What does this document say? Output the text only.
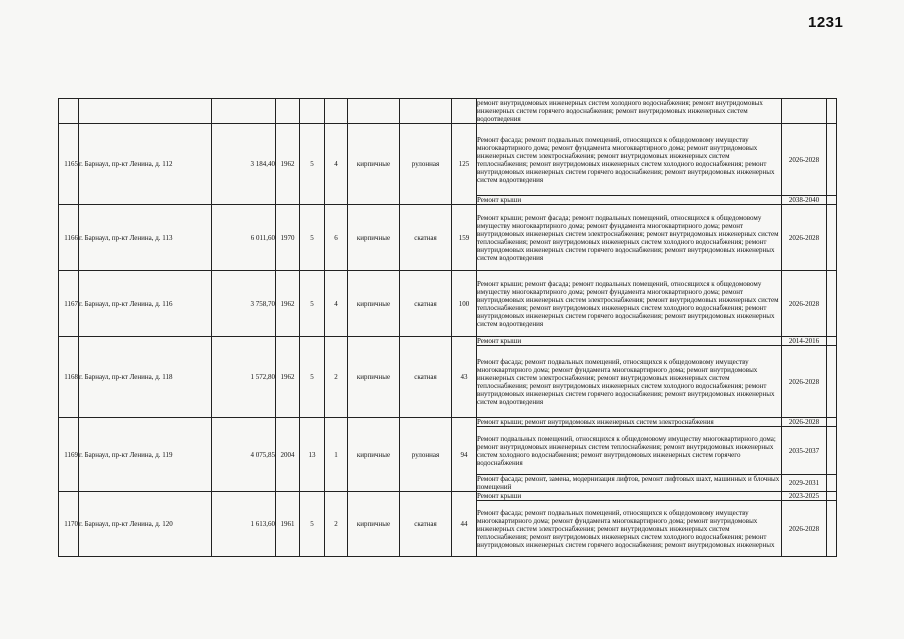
1231
									ремонт внутридомовых инженерных систем холодного водоснабжения; ремонт внутридомовых инженерных систем горячего водоснабжения; ремонт внутридомовых инженерных систем водоотведения		
1165	г. Барнаул, пр-кт Ленина, д. 112	3 184,40	1962	5	4	кирпичные	рулонная	125	Ремонт фасада; ремонт подвальных помещений, относящихся к общедомовому имуществу многоквартирного дома; ремонт фундамента многоквартирного дома; ремонт внутридомовых инженерных систем электроснабжения; ремонт внутридомовых инженерных систем теплоснабжения; ремонт внутридомовых инженерных систем холодного водоснабжения; ремонт внутридомовых инженерных систем горячего водоснабжения; ремонт внутридомовых инженерных систем водоотведения	2026-2028	
									Ремонт крыши	2038-2040	
1166	г. Барнаул, пр-кт Ленина, д. 113	6 011,60	1970	5	6	кирпичные	скатная	159	Ремонт крыши; ремонт фасада; ремонт подвальных помещений, относящихся к общедомовому имуществу многоквартирного дома; ремонт фундамента многоквартирного дома; ремонт внутридомовых инженерных систем электроснабжения; ремонт внутридомовых инженерных систем теплоснабжения; ремонт внутридомовых инженерных систем холодного водоснабжения; ремонт внутридомовых инженерных систем горячего водоснабжения; ремонт внутридомовых инженерных систем водоотведения	2026-2028	
1167	г. Барнаул, пр-кт Ленина, д. 116	3 758,70	1962	5	4	кирпичные	скатная	100	Ремонт крыши; ремонт фасада; ремонт подвальных помещений, относящихся к общедомовому имуществу многоквартирного дома; ремонт фундамента многоквартирного дома; ремонт внутридомовых инженерных систем электроснабжения; ремонт внутридомовых инженерных систем теплоснабжения; ремонт внутридомовых инженерных систем холодного водоснабжения; ремонт внутридомовых инженерных систем горячего водоснабжения; ремонт внутридомовых инженерных систем водоотведения	2026-2028	
1168	г. Барнаул, пр-кт Ленина, д. 118	1 572,80	1962	5	2	кирпичные	скатная	43	Ремонт крыши	2014-2016	
									Ремонт фасада; ремонт подвальных помещений, относящихся к общедомовому имуществу многоквартирного дома; ремонт фундамента многоквартирного дома; ремонт внутридомовых инженерных систем электроснабжения; ремонт внутридомовых инженерных систем теплоснабжения; ремонт внутридомовых инженерных систем холодного водоснабжения; ремонт внутридомовых инженерных систем горячего водоснабжения; ремонт внутридомовых инженерных систем водоотведения	2026-2028	
1169	г. Барнаул, пр-кт Ленина, д. 119	4 075,85	2004	13	1	кирпичные	рулонная	94	Ремонт крыши; ремонт внутридомовых инженерных систем электроснабжения	2026-2028	
									Ремонт подвальных помещений, относящихся к общедомовому имуществу многоквартирного дома; ремонт внутридомовых инженерных систем теплоснабжения; ремонт внутридомовых инженерных систем холодного водоснабжения; ремонт внутридомовых инженерных систем горячего водоснабжения	2035-2037	
									Ремонт фасада; ремонт, замена, модернизация лифтов, ремонт лифтовых шахт, машинных и блочных помещений	2029-2031	
1170	г. Барнаул, пр-кт Ленина, д. 120	1 613,60	1961	5	2	кирпичные	скатная	44	Ремонт крыши	2023-2025	
									Ремонт фасада; ремонт подвальных помещений, относящихся к общедомовому имуществу многоквартирного дома; ремонт фундамента многоквартирного дома; ремонт внутридомовых инженерных систем электроснабжения; ремонт внутридомовых инженерных систем теплоснабжения; ремонт внутридомовых инженерных систем холодного водоснабжения; ремонт внутридомовых инженерных систем горячего водоснабжения; ремонт внутридомовых инженерных	2026-2028	
